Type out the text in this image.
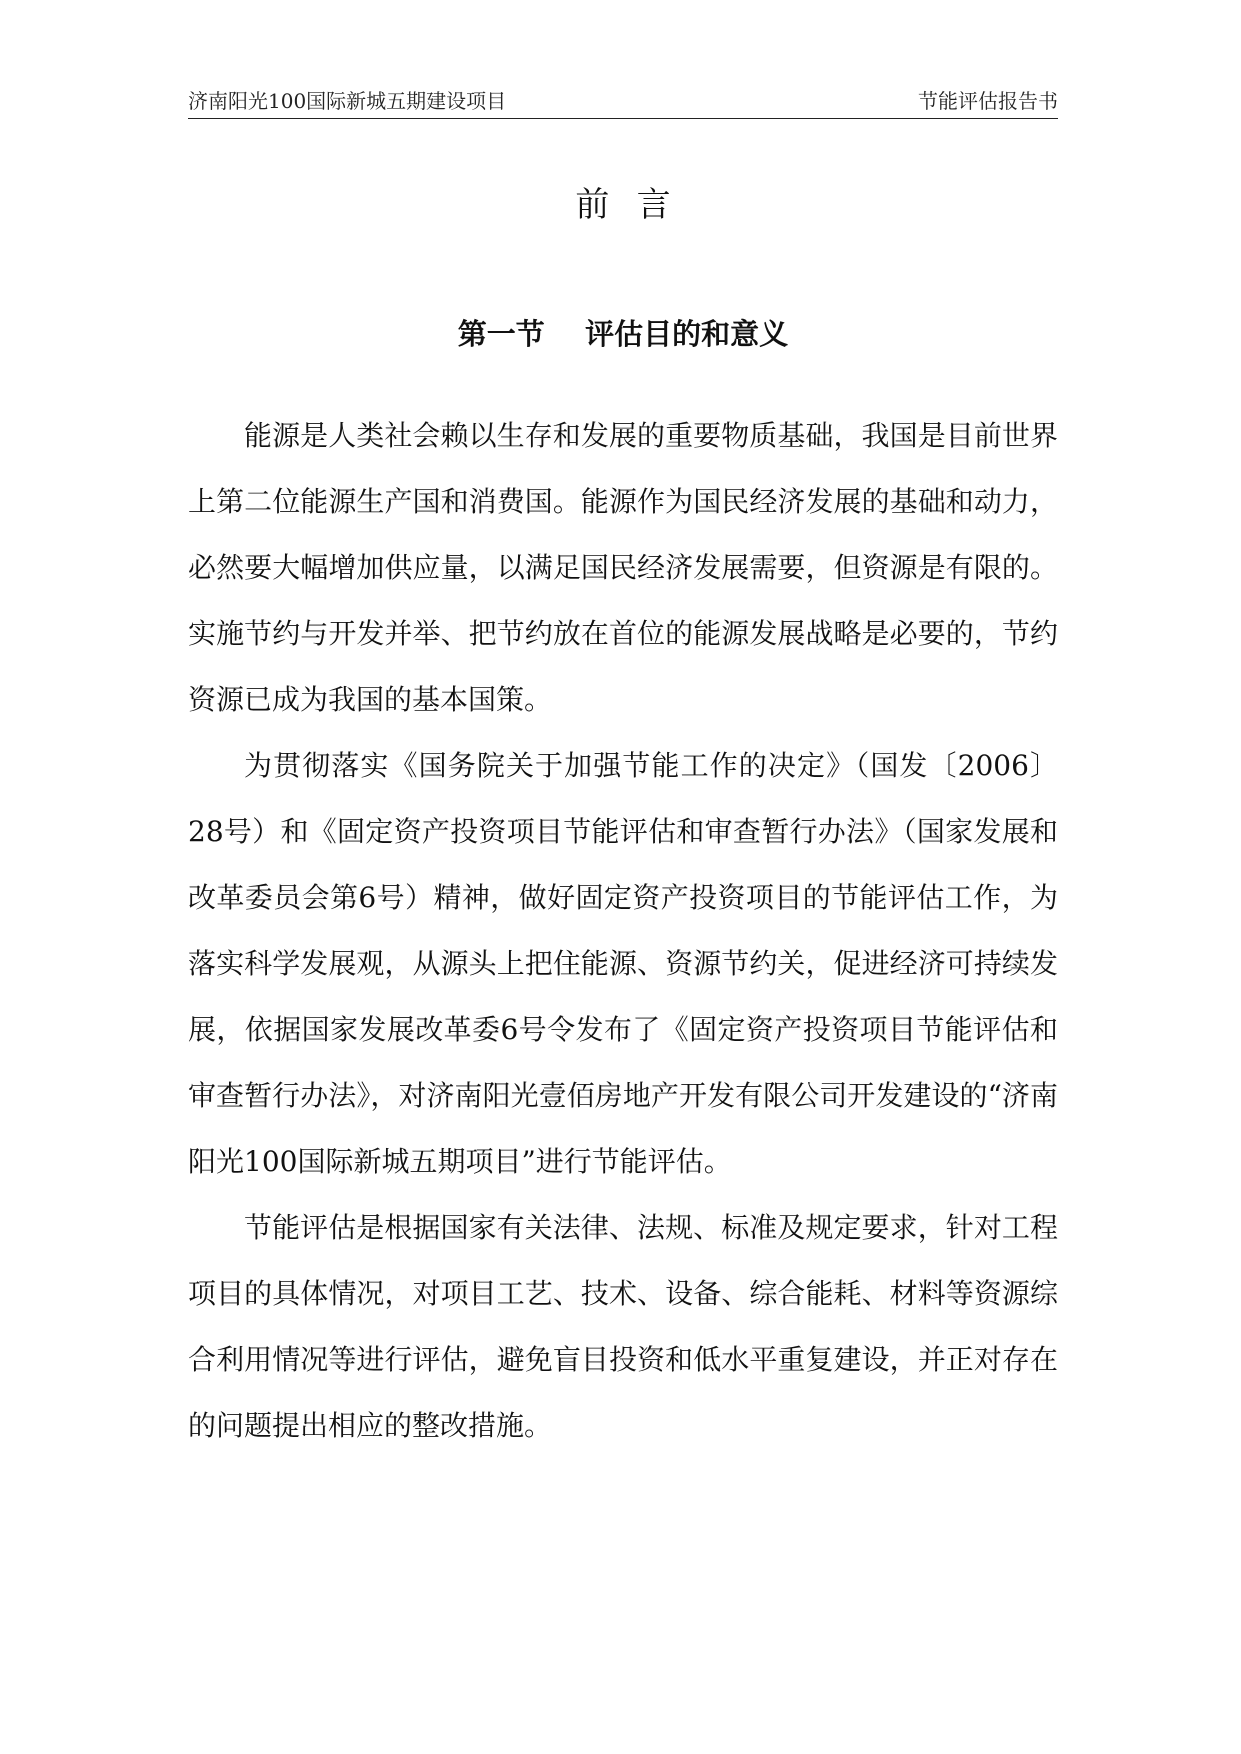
济南阳光100国际新城五期建设项目	节能评估报告书
前言
第一节    评估目的和意义

能源是人类社会赖以生存和发展的重要物质基础，我国是目前世界上第二位能源生产国和消费国。能源作为国民经济发展的基础和动力，必然要大幅增加供应量，以满足国民经济发展需要，但资源是有限的。实施节约与开发并举、把节约放在首位的能源发展战略是必要的，节约资源已成为我国的基本国策。

为贯彻落实《国务院关于加强节能工作的决定》（国发〔2006〕28号）和《固定资产投资项目节能评估和审查暂行办法》（国家发展和改革委员会第6号）精神，做好固定资产投资项目的节能评估工作，为落实科学发展观，从源头上把住能源、资源节约关，促进经济可持续发展，依据国家发展改革委6号令发布了《固定资产投资项目节能评估和审查暂行办法》，对济南阳光壹佰房地产开发有限公司开发建设的“济南阳光100国际新城五期项目”进行节能评估。

节能评估是根据国家有关法律、法规、标准及规定要求，针对工程项目的具体情况，对项目工艺、技术、设备、综合能耗、材料等资源综合利用情况等进行评估，避免盲目投资和低水平重复建设，并正对存在的问题提出相应的整改措施。
